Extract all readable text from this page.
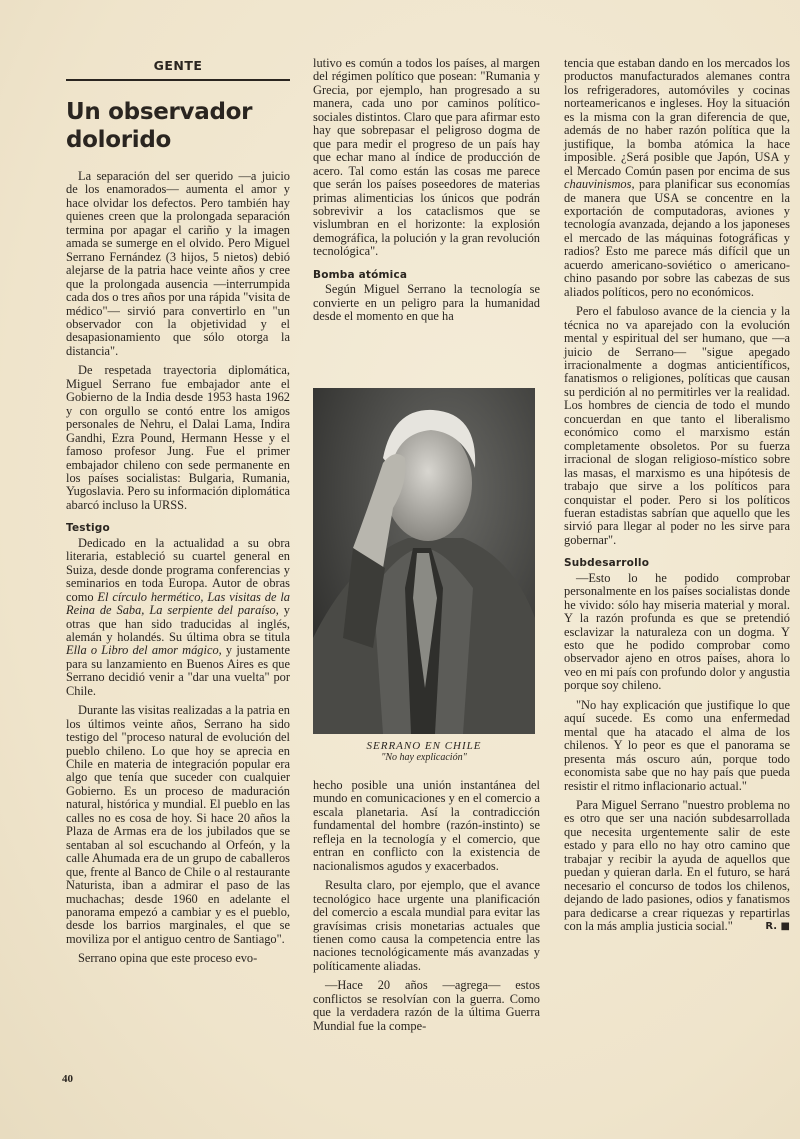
GENTE
Un observador dolorido

La separación del ser querido —a juicio de los enamorados— aumenta el amor y hace olvidar los defectos. Pero también hay quienes creen que la prolongada separación termina por apagar el cariño y la imagen amada se sumerge en el olvido. Pero Miguel Serrano Fernández (3 hijos, 5 nietos) debió alejarse de la patria hace veinte años y cree que la prolongada ausencia —interrumpida cada dos o tres años por una rápida "visita de médico"— sirvió para convertirlo en "un observador con la objetividad y el desapasionamiento que sólo otorga la distancia".

De respetada trayectoria diplomática, Miguel Serrano fue embajador ante el Gobierno de la India desde 1953 hasta 1962 y con orgullo se contó entre los amigos personales de Nehru, el Dalai Lama, Indira Gandhi, Ezra Pound, Hermann Hesse y el famoso profesor Jung. Fue el primer embajador chileno con sede permanente en los países socialistas: Bulgaria, Rumania, Yugoslavia. Pero su información diplomática abarcó incluso la URSS.

Testigo

Dedicado en la actualidad a su obra literaria, estableció su cuartel general en Suiza, desde donde programa conferencias y seminarios en toda Europa. Autor de obras como El círculo hermético, Las visitas de la Reina de Saba, La serpiente del paraíso, y otras que han sido traducidas al inglés, alemán y holandés. Su última obra se titula Ella o Libro del amor mágico, y justamente para su lanzamiento en Buenos Aires es que Serrano decidió venir a "dar una vuelta" por Chile.

Durante las visitas realizadas a la patria en los últimos veinte años, Serrano ha sido testigo del "proceso natural de evolución del pueblo chileno. Lo que hoy se aprecia en Chile en materia de integración popular era algo que tenía que suceder con cualquier Gobierno. Es un proceso de maduración natural, histórica y mundial. El pueblo en las calles no es cosa de hoy. Si hace 20 años la Plaza de Armas era de los jubilados que se sentaban al sol escuchando al Orfeón, y la calle Ahumada era de un grupo de caballeros que, frente al Banco de Chile o al restaurante Naturista, iban a admirar el paso de las muchachas; desde 1960 en adelante el panorama empezó a cambiar y es el pueblo, desde los barrios marginales, el que se moviliza por el antiguo centro de Santiago".

Serrano opina que este proceso evo-

lutivo es común a todos los países, al margen del régimen político que posean: "Rumania y Grecia, por ejemplo, han progresado a su manera, cada uno por caminos político-sociales distintos. Claro que para afirmar esto hay que sobrepasar el peligroso dogma de que para medir el progreso de un país hay que echar mano al índice de producción de acero. Tal como están las cosas me parece que serán los países poseedores de materias primas alimenticias los únicos que podrán sobrevivir a los cataclismos que se vislumbran en el horizonte: la explosión demográfica, la polución y la gran revolución tecnológica".

Bomba atómica

Según Miguel Serrano la tecnología se convierte en un peligro para la humanidad desde el momento en que ha

SERRANO EN CHILE
"No hay explicación"

hecho posible una unión instantánea del mundo en comunicaciones y en el comercio a escala planetaria. Así la contradicción fundamental del hombre (razón-instinto) se refleja en la tecnología y el comercio, que entran en conflicto con la existencia de nacionalismos agudos y exacerbados.

Resulta claro, por ejemplo, que el avance tecnológico hace urgente una planificación del comercio a escala mundial para evitar las gravísimas crisis monetarias actuales que tienen como causa la competencia entre las naciones tecnológicamente más avanzadas y políticamente aliadas.

—Hace 20 años —agrega— estos conflictos se resolvían con la guerra. Como que la verdadera razón de la última Guerra Mundial fue la compe-

tencia que estaban dando en los mercados los productos manufacturados alemanes contra los refrigeradores, automóviles y cocinas norteamericanos e ingleses. Hoy la situación es la misma con la gran diferencia de que, además de no haber razón política que la justifique, la bomba atómica la hace imposible. ¿Será posible que Japón, USA y el Mercado Común pasen por encima de sus chauvinismos, para planificar sus economías de manera que USA se concentre en la exportación de computadoras, aviones y tecnología avanzada, dejando a los japoneses el mercado de las máquinas fotográficas y radios? Esto me parece más difícil que un acuerdo americano-soviético o americano-chino pasando por sobre las cabezas de sus aliados políticos, pero no económicos.

Pero el fabuloso avance de la ciencia y la técnica no va aparejado con la evolución mental y espiritual del ser humano, que —a juicio de Serrano— "sigue apegado irracionalmente a dogmas anticientíficos, fanatismos o religiones, políticas que causan su perdición al no permitirles ver la realidad. Los hombres de ciencia de todo el mundo concuerdan en que tanto el liberalismo económico como el marxismo están completamente obsoletos. Por su fuerza irracional de slogan religioso-místico sobre las masas, el marxismo es una hipótesis de trabajo que sirve a los políticos para conquistar el poder. Pero si los políticos fueran estadistas sabrían que aquello que les sirvió para llegar al poder no les sirve para gobernar".

Subdesarrollo

—Esto lo he podido comprobar personalmente en los países socialistas donde he vivido: sólo hay miseria material y moral. Y la razón profunda es que se pretendió esclavizar la naturaleza con un dogma. Y esto que he podido comprobar como observador ajeno en otros países, ahora lo veo en mi país con profundo dolor y angustia porque soy chileno.

"No hay explicación que justifique lo que aquí sucede. Es como una enfermedad mental que ha atacado el alma de los chilenos. Y lo peor es que el panorama se presenta más oscuro aún, porque todo economista sabe que no hay país que pueda resistir el ritmo inflacionario actual."

Para Miguel Serrano "nuestro problema no es otro que ser una nación subdesarrollada que necesita urgentemente salir de este estado y para ello no hay otro camino que trabajar y recibir la ayuda de aquellos que puedan y quieran darla. En el futuro, se hará necesario el concurso de todos los chilenos, dejando de lado pasiones, odios y fanatismos para dedicarse a crear riquezas y repartirlas con la más amplia justicia social."	R. ■

40
